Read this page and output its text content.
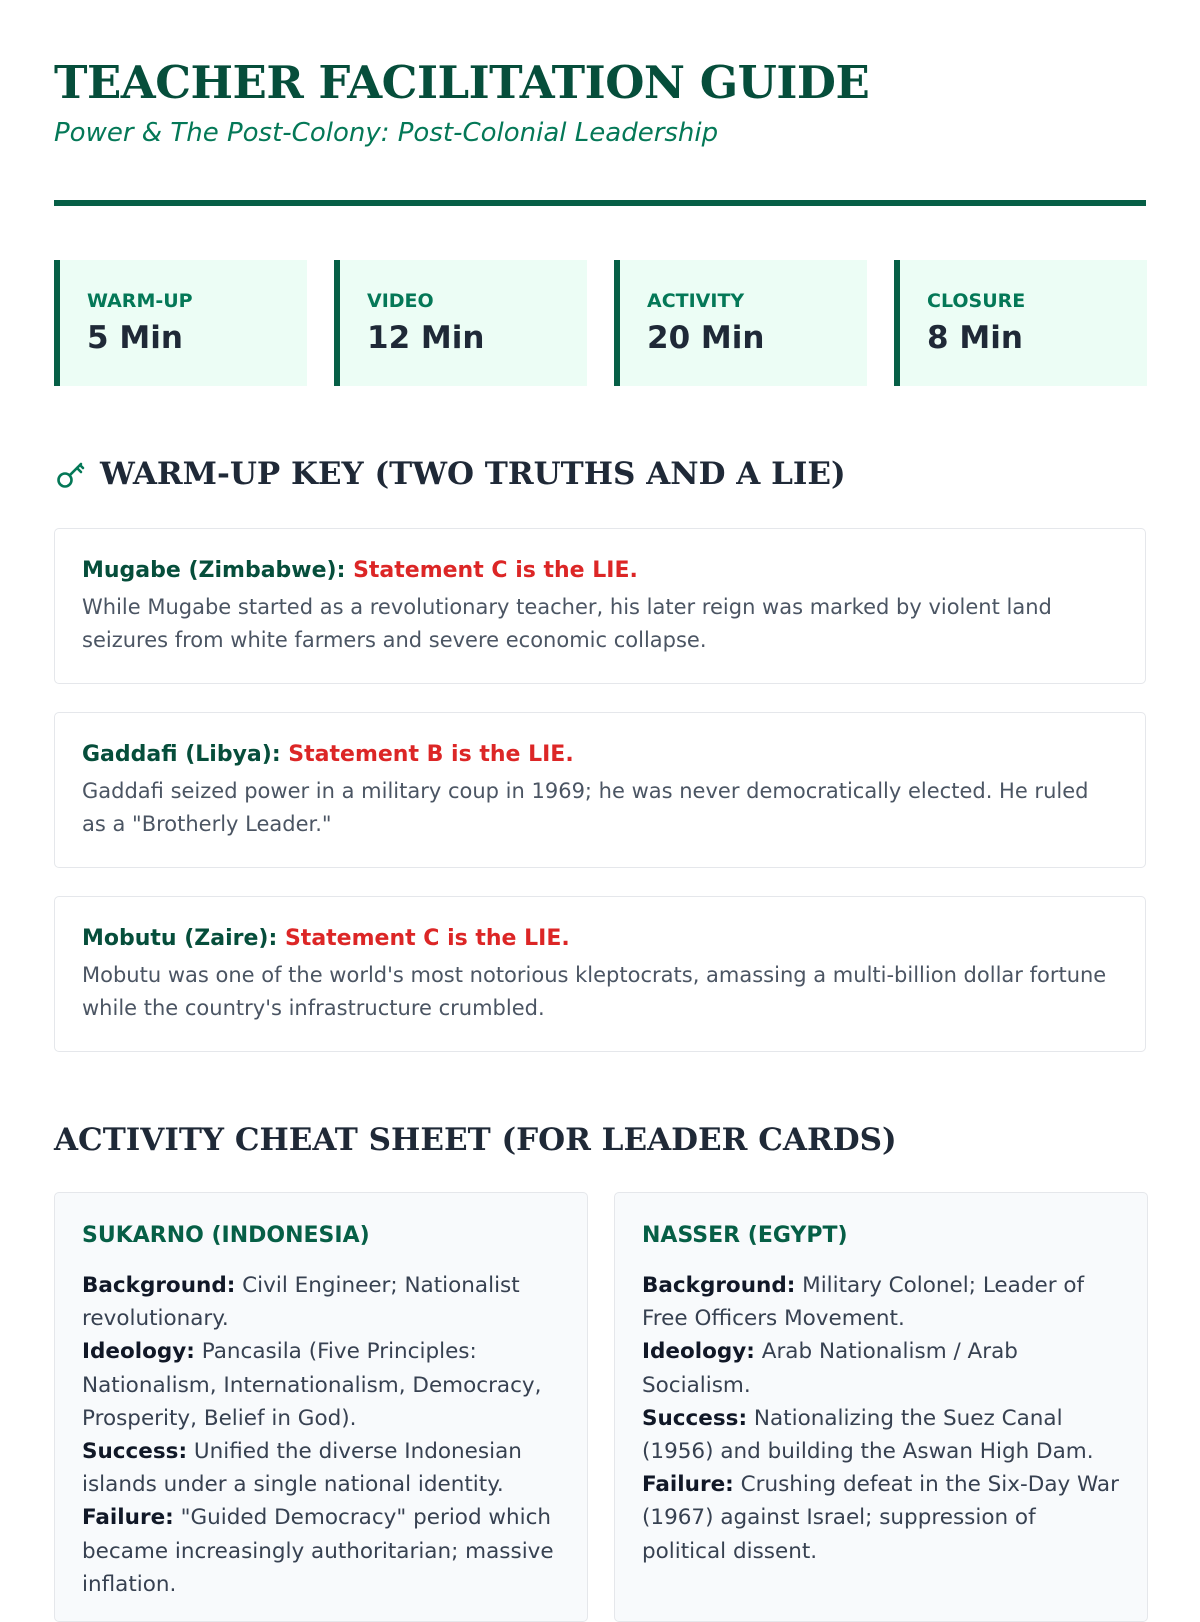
TEACHER FACILITATION GUIDE
Power & The Post-Colony: Post-Colonial Leadership
WARM-UP
5 Min
VIDEO
12 Min
ACTIVITY
20 Min
CLOSURE
8 Min
WARM-UP KEY (TWO TRUTHS AND A LIE)
Mugabe (Zimbabwe): Statement C is the LIE.
While Mugabe started as a revolutionary teacher, his later reign was marked by violent land seizures from white farmers and severe economic collapse.
Gaddafi (Libya): Statement B is the LIE.
Gaddafi seized power in a military coup in 1969; he was never democratically elected. He ruled as a "Brotherly Leader."
Mobutu (Zaire): Statement C is the LIE.
Mobutu was one of the world's most notorious kleptocrats, amassing a multi-billion dollar fortune while the country's infrastructure crumbled.
ACTIVITY CHEAT SHEET (FOR LEADER CARDS)
SUKARNO (INDONESIA)
Background: Civil Engineer; Nationalist revolutionary.
Ideology: Pancasila (Five Principles: Nationalism, Internationalism, Democracy, Prosperity, Belief in God).
Success: Unified the diverse Indonesian islands under a single national identity.
Failure: "Guided Democracy" period which became increasingly authoritarian; massive inflation.
NASSER (EGYPT)
Background: Military Colonel; Leader of Free Officers Movement.
Ideology: Arab Nationalism / Arab Socialism.
Success: Nationalizing the Suez Canal (1956) and building the Aswan High Dam.
Failure: Crushing defeat in the Six-Day War (1967) against Israel; suppression of political dissent.
